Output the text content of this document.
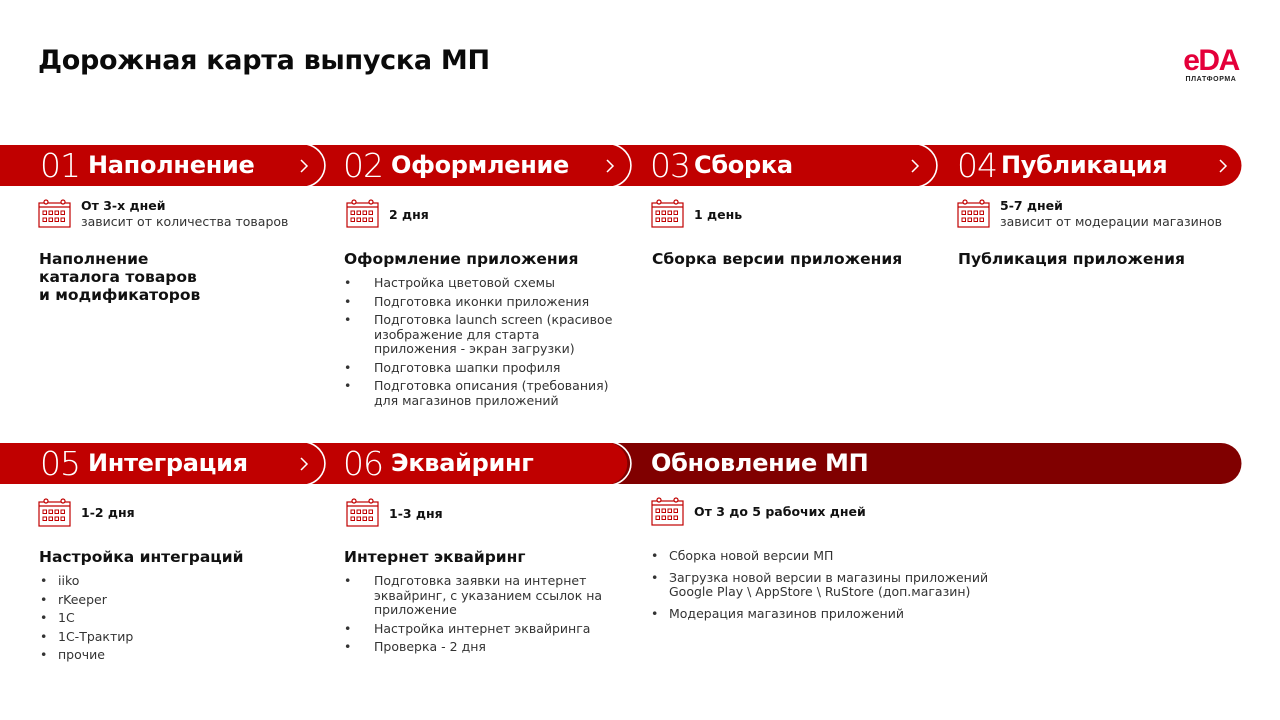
Дорожная карта выпуска МП	eDA
ПЛАТФОРМА
01 Наполнение	02 Оформление 03 Сборка	04 Публикация
От 3-х дней
зависит от количества товаров
Наполнение
каталога товаров
и модификаторов
2 дня
Оформление приложения
• Настройка цветовой схемы
• Подготовка иконки приложения
• Подготовка launch screen (красивое изображение для старта приложения - экран загрузки)
• Подготовка шапки профиля
• Подготовка описания (требования) для магазинов приложений
1 день
Сборка версии приложения
5-7 дней
зависит от модерации магазинов
Публикация приложения
05 Интеграция	06 Эквайринг	Обновление МП
1-2 дня
Настройка интеграций
• iiko
• rKeeper
• 1С
• 1С-Трактир
• прочие
1-3 дня
Интернет эквайринг
• Подготовка заявки на интернет эквайринг, с указанием ссылок на приложение
• Настройка интернет эквайринга
• Проверка - 2 дня
От 3 до 5 рабочих дней
• Сборка новой версии МП
• Загрузка новой версии в магазины приложений Google Play \ AppStore \ RuStore (доп.магазин)
• Модерация магазинов приложений
